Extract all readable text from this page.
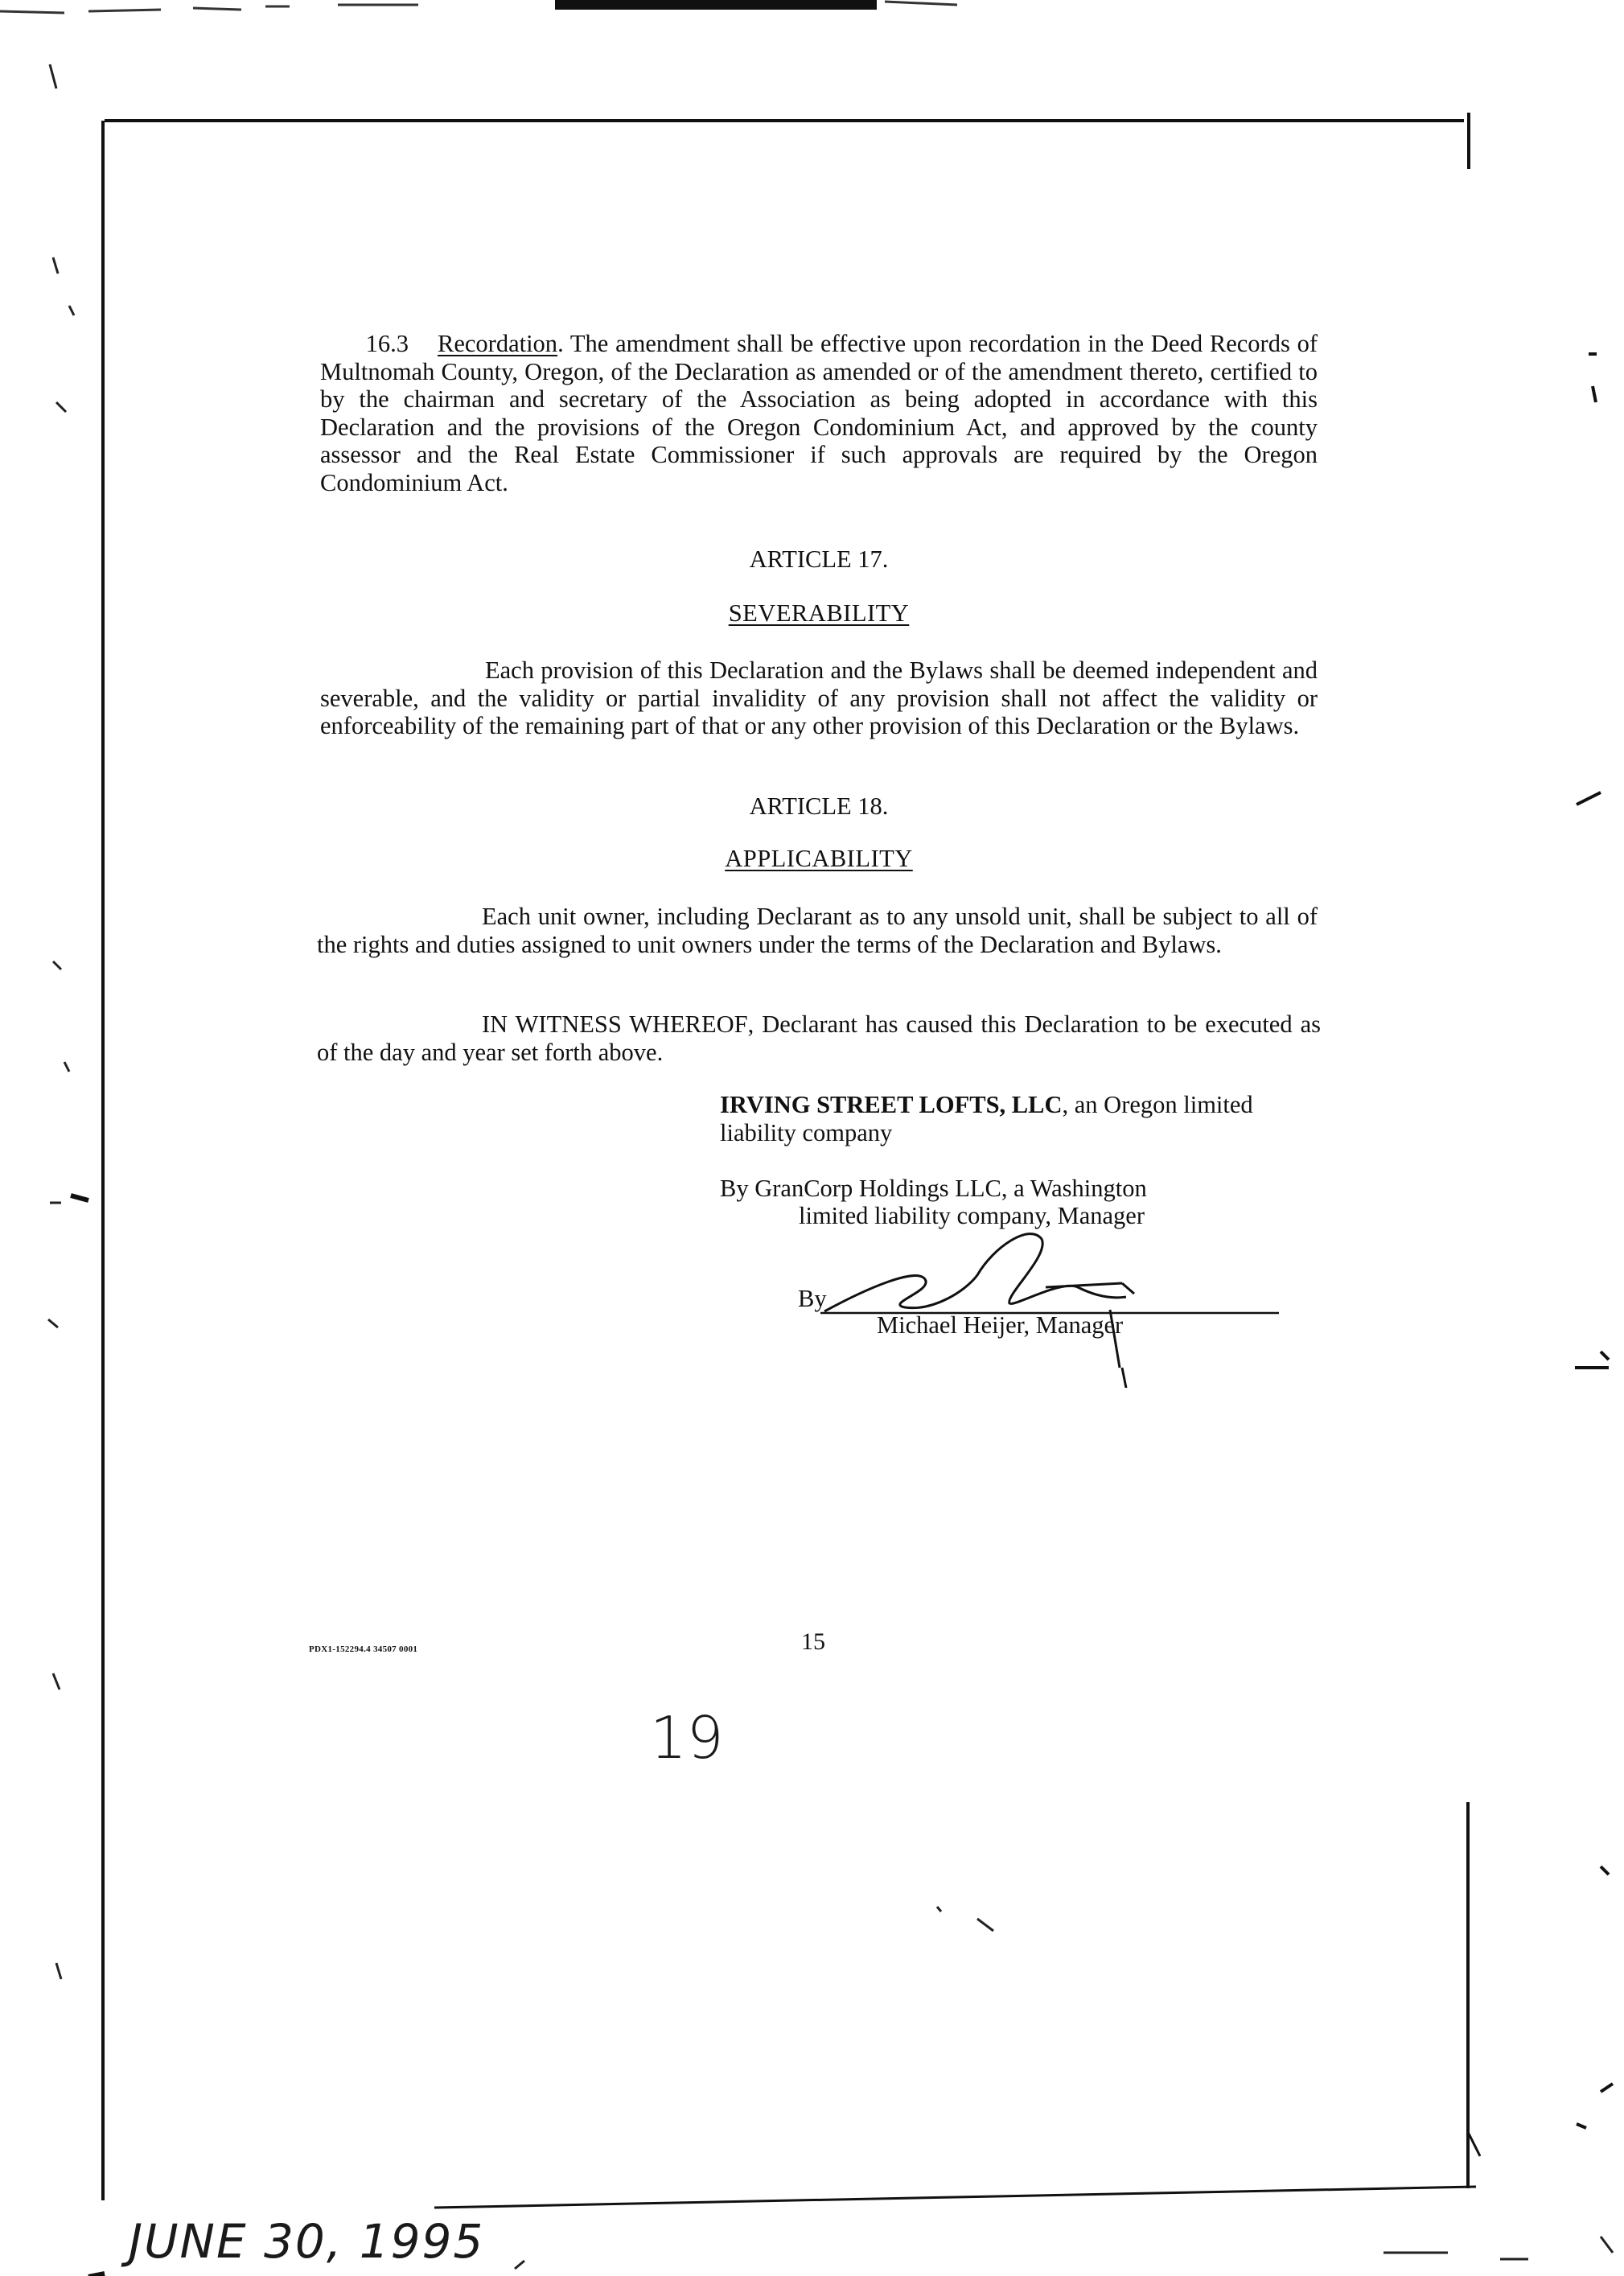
16.3 Recordation. The amendment shall be effective upon recordation in the Deed Records of Multnomah County, Oregon, of the Declaration as amended or of the amendment thereto, certified to by the chairman and secretary of the Association as being adopted in accordance with this Declaration and the provisions of the Oregon Condominium Act, and approved by the county assessor and the Real Estate Commissioner if such approvals are required by the Oregon Condominium Act.

ARTICLE 17.
SEVERABILITY

Each provision of this Declaration and the Bylaws shall be deemed independent and severable, and the validity or partial invalidity of any provision shall not affect the validity or enforceability of the remaining part of that or any other provision of this Declaration or the Bylaws.

ARTICLE 18.
APPLICABILITY

Each unit owner, including Declarant as to any unsold unit, shall be subject to all of the rights and duties assigned to unit owners under the terms of the Declaration and Bylaws.

IN WITNESS WHEREOF, Declarant has caused this Declaration to be executed as of the day and year set forth above.

IRVING STREET LOFTS, LLC, an Oregon limited liability company

By GranCorp Holdings LLC, a Washington
limited liability company, Manager
By
Michael Heijer, Manager
PDX1-152294.4 34507 0001	15
19
JUNE 30, 1995
